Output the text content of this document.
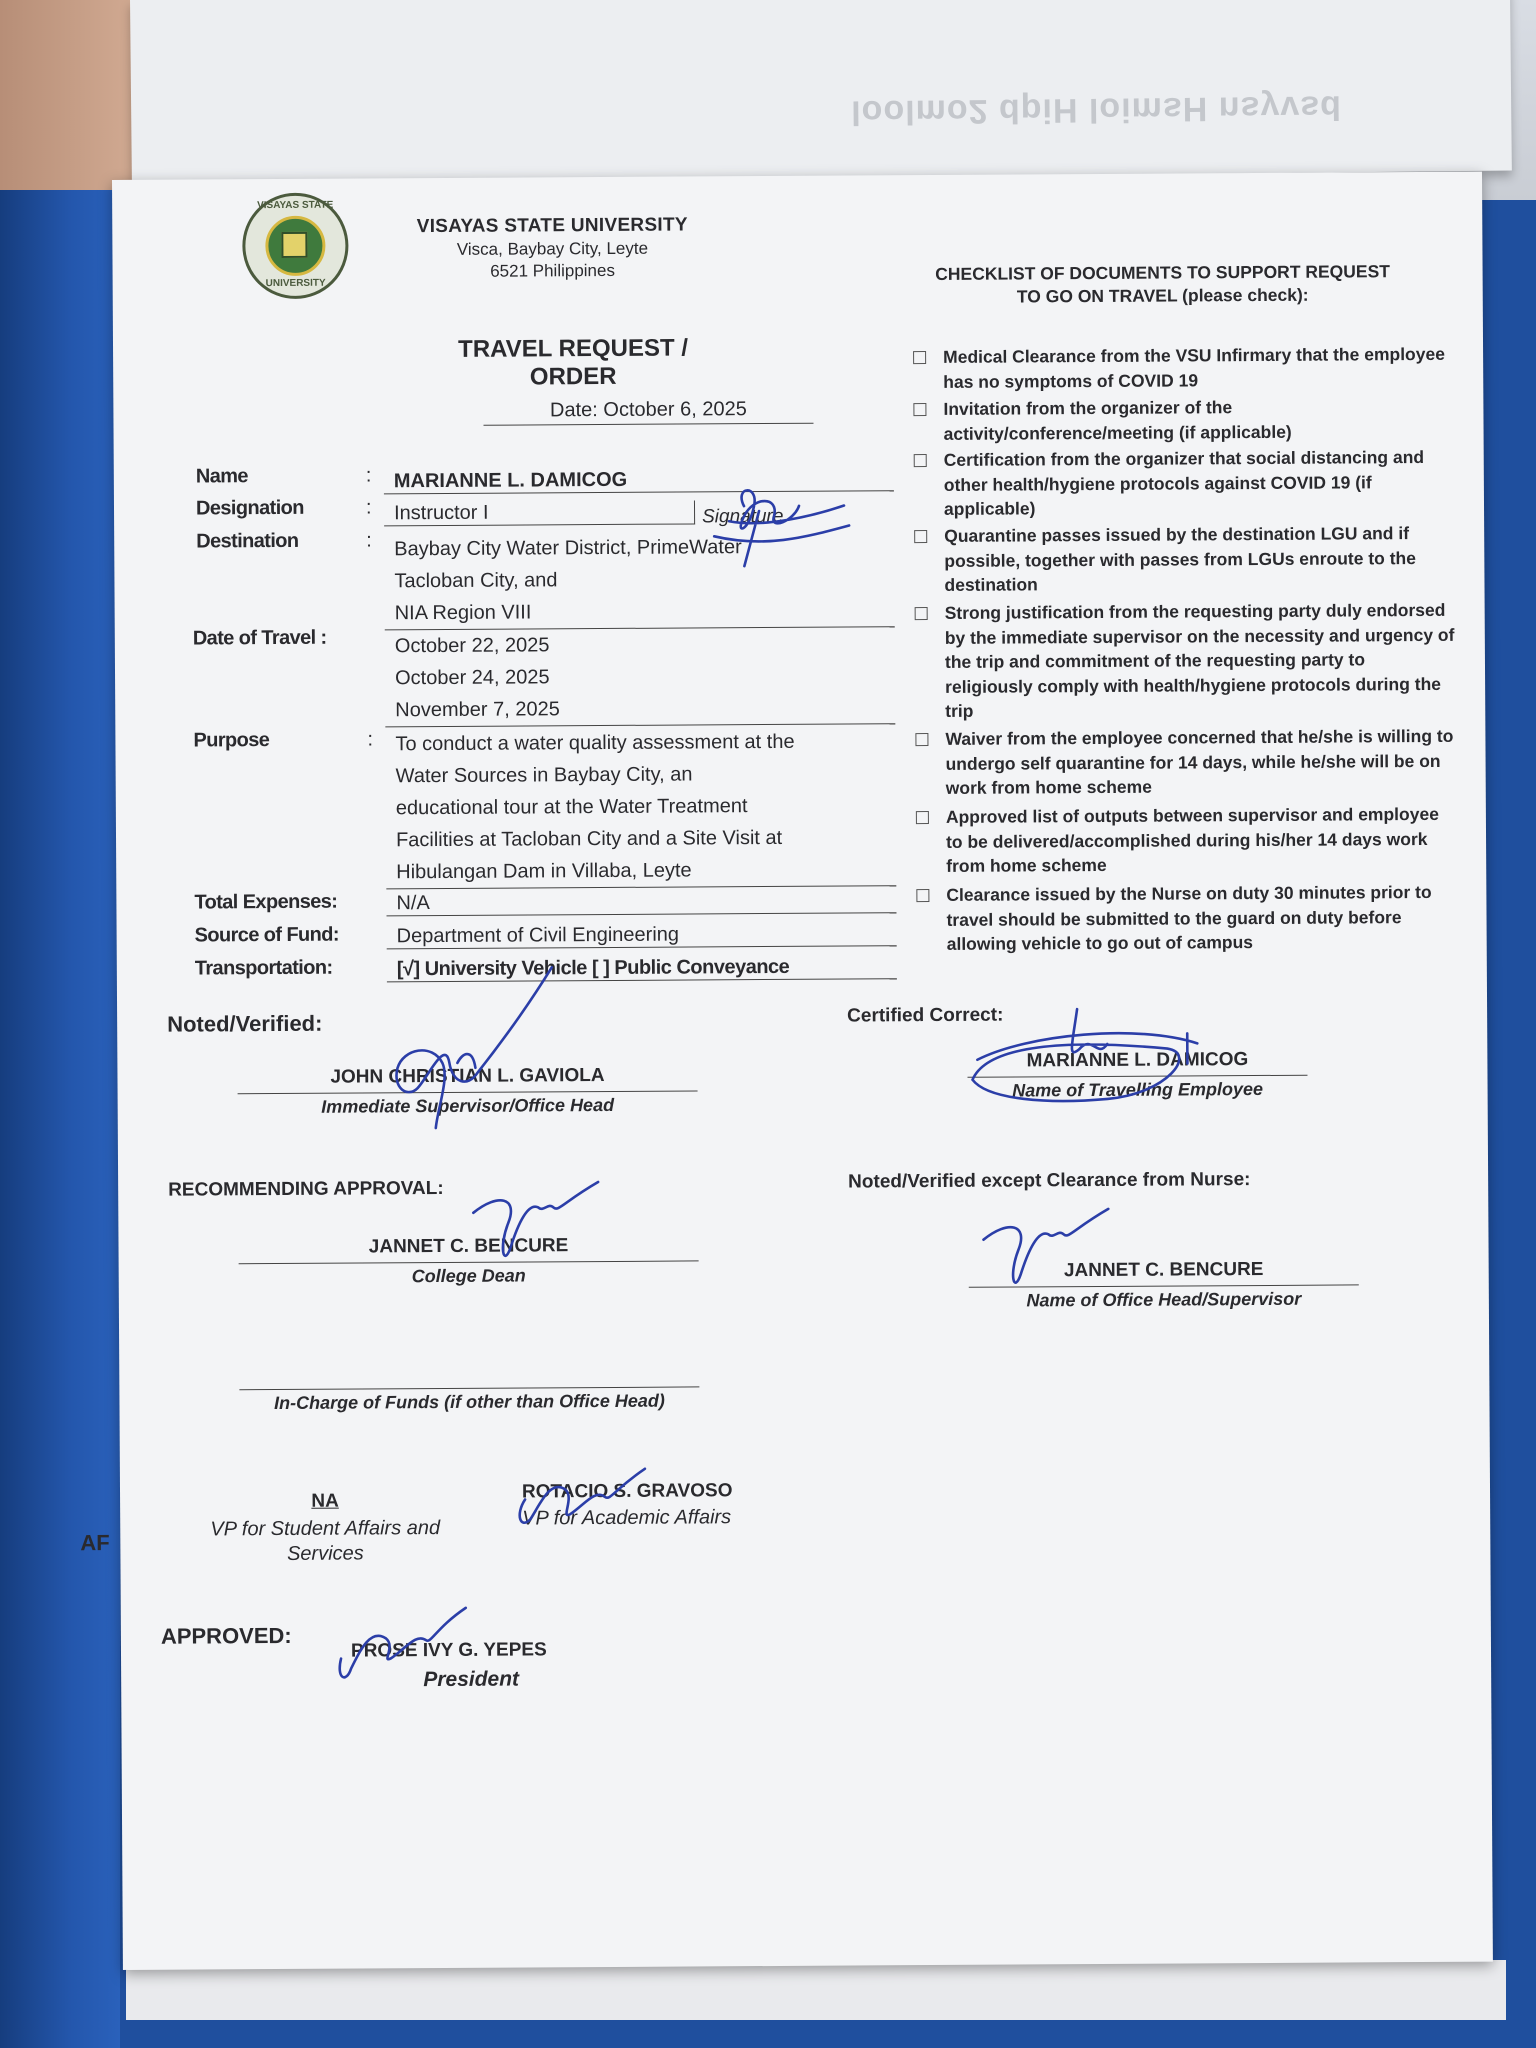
loolmo2 dpiH loimsH nsyvsd
VISAYAS STATE
UNIVERSITY
VISAYAS STATE UNIVERSITY
Visca, Baybay City, Leyte
6521 Philippines
TRAVEL REQUEST / ORDER
Date: October 6, 2025
Name	:	MARIANNE L. DAMICOG
Designation	:	Instructor I	Signature
Destination	: Baybay City Water District, PrimeWater
Tacloban City, and
NIA Region VIII
Date of Travel :	October 22, 2025
October 24, 2025
November 7, 2025
Purpose	: To conduct a water quality assessment at the
Water Sources in Baybay City, an
educational tour at the Water Treatment
Facilities at Tacloban City and a Site Visit at
Hibulangan Dam in Villaba, Leyte
Total Expenses:	N/A
Source of Fund:	Department of Civil Engineering
Transportation:	[√] University Vehicle [ ] Public Conveyance
CHECKLIST OF DOCUMENTS TO SUPPORT REQUEST
TO GO ON TRAVEL (please check):
Medical Clearance from the VSU Infirmary that the employee has no symptoms of COVID 19
Invitation from the organizer of the activity/conference/meeting (if applicable)
Certification from the organizer that social distancing and other health/hygiene protocols against COVID 19 (if applicable)
Quarantine passes issued by the destination LGU and if possible, together with passes from LGUs enroute to the destination
Strong justification from the requesting party duly endorsed by the immediate supervisor on the necessity and urgency of the trip and commitment of the requesting party to religiously comply with health/hygiene protocols during the trip
Waiver from the employee concerned that he/she is willing to undergo self quarantine for 14 days, while he/she will be on work from home scheme
Approved list of outputs between supervisor and employee to be delivered/accomplished during his/her 14 days work from home scheme
Clearance issued by the Nurse on duty 30 minutes prior to travel should be submitted to the guard on duty before allowing vehicle to go out of campus
Noted/Verified:
JOHN CHRISTIAN L. GAVIOLA
Immediate Supervisor/Office Head
Certified Correct:
MARIANNE L. DAMICOG
Name of Travelling Employee
RECOMMENDING APPROVAL:
JANNET C. BENCURE
College Dean
Noted/Verified except Clearance from Nurse:
JANNET C. BENCURE
Name of Office Head/Supervisor
In-Charge of Funds (if other than Office Head)
AF
NA
VP for Student Affairs and
Services
ROTACIO S. GRAVOSO
VP for Academic Affairs
APPROVED:
PROSE IVY G. YEPES
President
